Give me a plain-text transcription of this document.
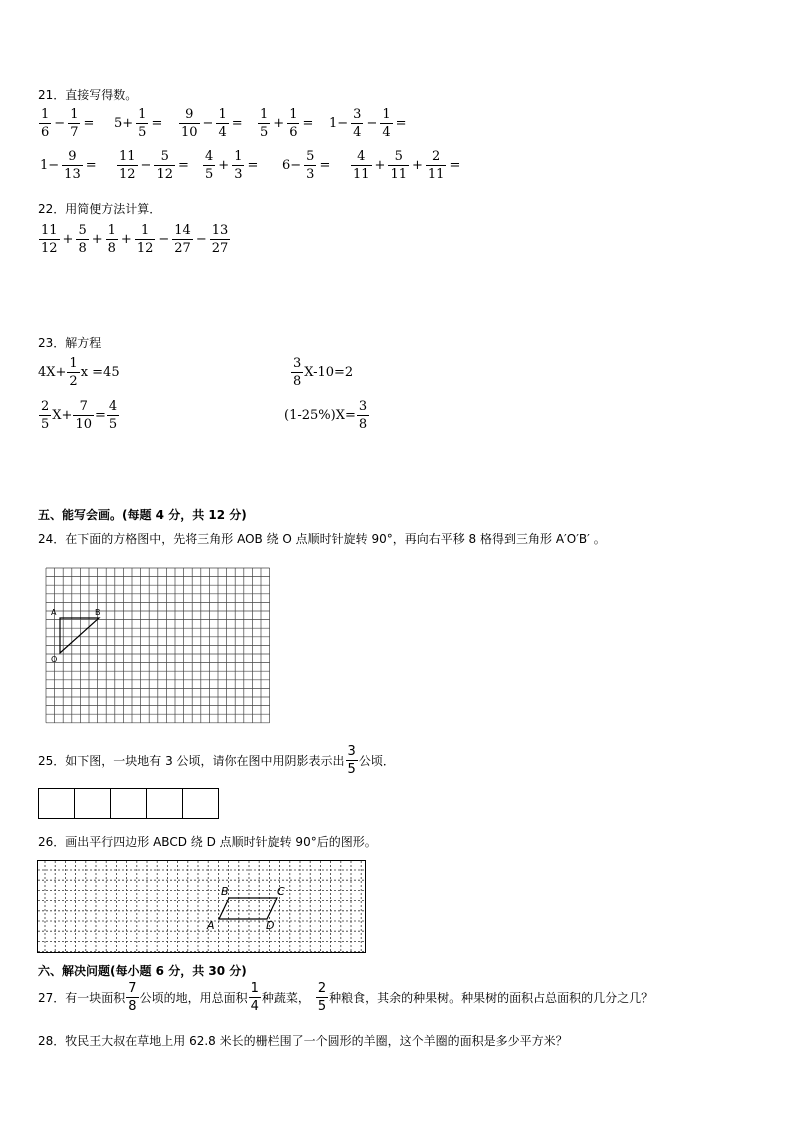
21．直接写得数。
$\frac{1}{6} - \frac{1}{7} = 5+ \frac{1}{5} = \frac{9}{10} - \frac{1}{4} = \frac{1}{5} + \frac{1}{6} = 1- \frac{3}{4} - \frac{1}{4}$ =
$1- \frac{9}{13} = \frac{11}{12} - \frac{5}{12} = \frac{4}{5} + \frac{1}{3} = 6- \frac{5}{3} = \frac{4}{11} + \frac{5}{11} + \frac{2}{11}$ =
22．用简便方法计算．
$\frac{11}{12} + \frac{5}{8} + \frac{1}{8} + \frac{1}{12} - \frac{14}{27} - \frac{13}{27}$
23．解方程
$4X+ \frac{1}{2}$ x =45	$\frac{3}{8} X-10=2$
$\frac{2}{5} X+ \frac{7}{10} = \frac{4}{5}$	$(1-25\%)X= \frac{3}{8}$
五、能写会画。(每题 4 分，共 12 分)
24．在下面的方格图中，先将三角形 AOB 绕 O 点顺时针旋转 90°，再向右平移 8 格得到三角形 A′O′B′ 。
A	B
O
25．如下图，一块地有 3 公顷，请你在图中用阴影表示出 $\frac{3}{5}$ 公顷．
26．画出平行四边形 ABCD 绕 D 点顺时针旋转 90°后的图形。
B	C
A	D
六、解决问题(每小题 6 分，共 30 分)
27．有一块面积 $\frac{7}{8}$ 公顷的地，用总面积 $\frac{1}{4}$ 种蔬菜， $\frac{2}{5}$ 种粮食，其余的种果树。种果树的面积占总面积的几分之几？
28．牧民王大叔在草地上用 62.8 米长的栅栏围了一个圆形的羊圈，这个羊圈的面积是多少平方米？
